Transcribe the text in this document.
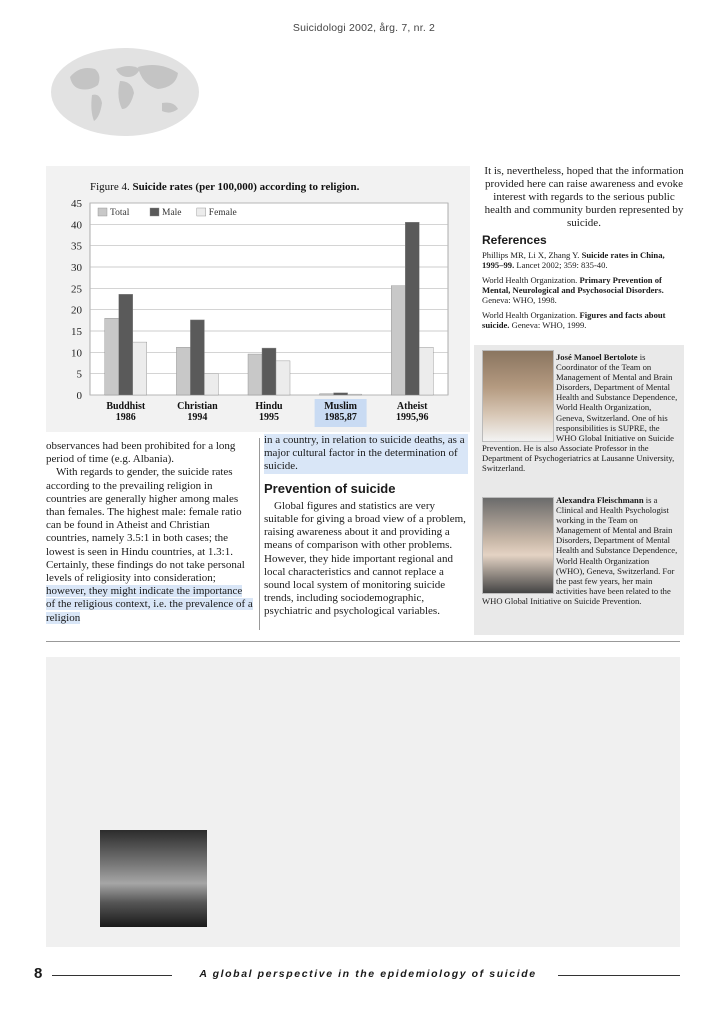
Suicidologi 2002, årg. 7, nr. 2
Figure 4. Suicide rates (per 100,000) according to religion.
0
5
10
15
20
25
30
35
40
45
Buddhist
1986
Christian
1994
Hindu
1995
Muslim
1985,87
Atheist
1995,96
Total	Male	Female

observances had been prohibited for a long period of time (e.g. Albania).

With regards to gender, the suicide rates according to the prevailing religion in countries are generally higher among males than females. The highest male: female ratio can be found in Atheist and Christian countries, namely 3.5:1 in both cases; the lowest is seen in Hindu countries, at 1.3:1. Certainly, these findings do not take personal levels of religiosity into consideration; however, they might indicate the importance of the religious context, i.e. the prevalence of a religion

in a country, in relation to suicide deaths, as a major cultural factor in the determination of suicide.

Prevention of suicide

Global figures and statistics are very suitable for giving a broad view of a problem, raising awareness about it and providing a means of comparison with other problems. However, they hide important regional and local characteristics and cannot replace a sound local system of monitoring suicide trends, including sociodemographic, psychiatric and psychological variables.

It is, nevertheless, hoped that the information provided here can raise awareness and evoke interest with regards to the serious public health and community burden represented by suicide.

References

Phillips MR, Li X, Zhang Y. Suicide rates in China, 1995–99. Lancet 2002; 359: 835-40.

World Health Organization. Primary Prevention of Mental, Neurological and Psychosocial Disorders. Geneva: WHO, 1998.

World Health Organization. Figures and facts about suicide. Geneva: WHO, 1999.

José Manoel Bertolote is Coordinator of the Team on Management of Mental and Brain Disorders, Department of Mental Health and Substance Dependence, World Health Organization, Geneva, Switzerland. One of his responsibilities is SUPRE, the WHO Global Initiative on Suicide Prevention. He is also Associate Professor in the Department of Psychogeriatrics at Lausanne University, Switzerland.
Alexandra Fleischmann is a Clinical and Health Psychologist working in the Team on Management of Mental and Brain Disorders, Department of Mental Health and Substance Dependence, World Health Organization (WHO), Geneva, Switzerland. For the past few years, her main activities have been related to the WHO Global Initiative on Suicide Prevention.
8	A global perspective in the epidemiology of suicide
